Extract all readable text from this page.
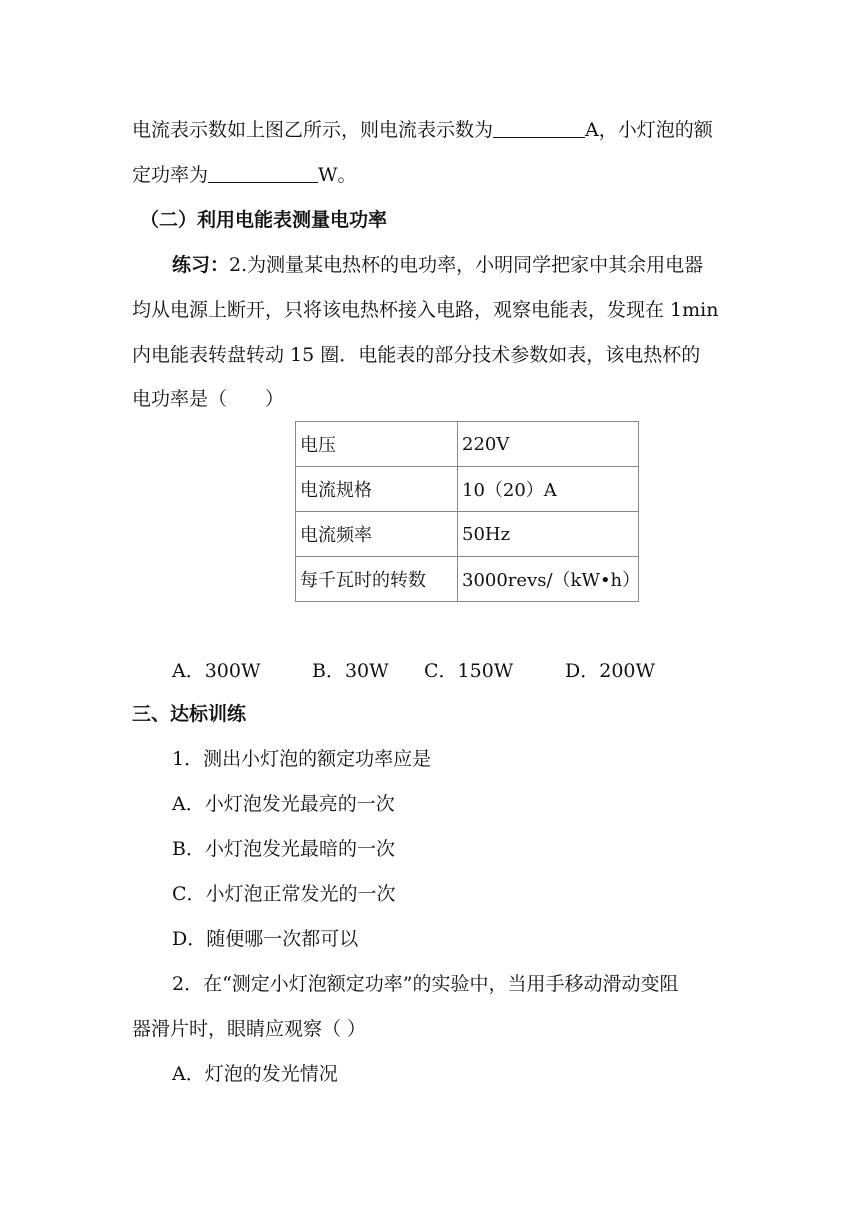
电流表示数如上图乙所示，则电流表示数为	A，小灯泡的额
定功率为	W。
（二）利用电能表测量电功率
练习：2.为测量某电热杯的电功率，小明同学把家中其余用电器
均从电源上断开，只将该电热杯接入电路，观察电能表，发现在 1min
内电能表转盘转动 15 圈．电能表的部分技术参数如表，该电热杯的
电功率是（　　）
电压	220V
电流规格	10（20）A
电流频率	50Hz
每千瓦时的转数	3000revs/（kW•h）
A．300W	B．30W C．150W	D．200W
三、达标训练
1．测出小灯泡的额定功率应是
A．小灯泡发光最亮的一次
B．小灯泡发光最暗的一次
C．小灯泡正常发光的一次
D．随便哪一次都可以
2．在“测定小灯泡额定功率”的实验中，当用手移动滑动变阻
器滑片时，眼睛应观察（ ）
A．灯泡的发光情况
